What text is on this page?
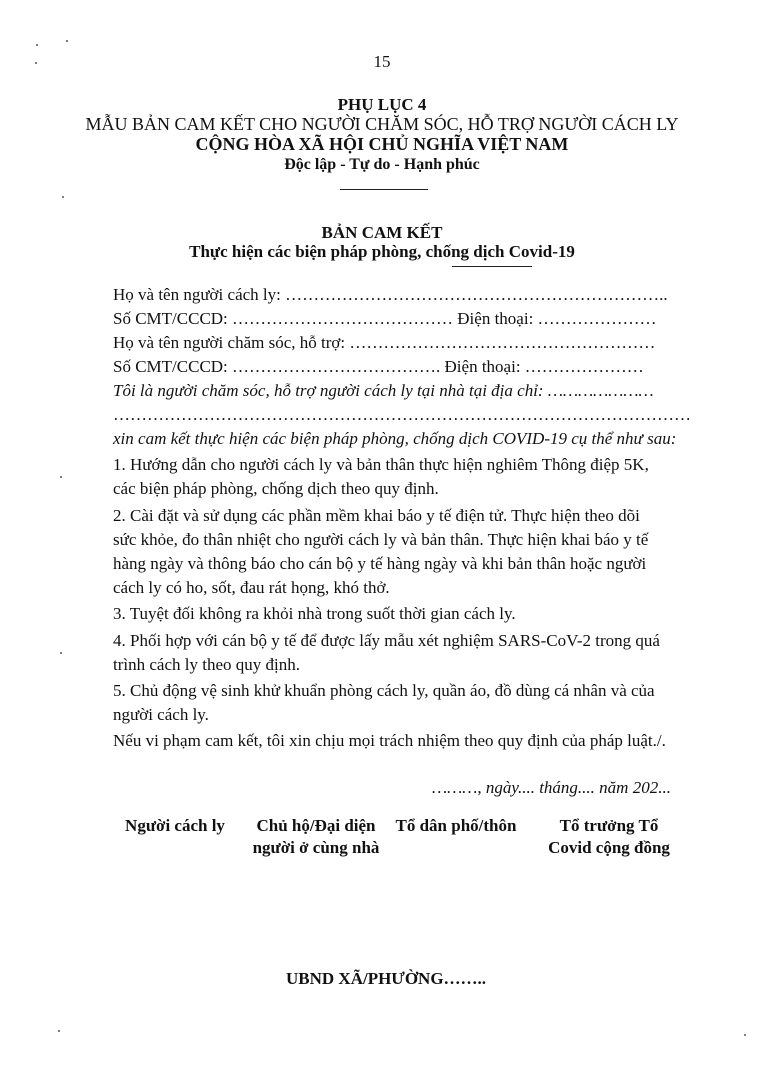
15
PHỤ LỤC 4
MẪU BẢN CAM KẾT CHO NGƯỜI CHĂM SÓC, HỖ TRỢ NGƯỜI CÁCH LY
CỘNG HÒA XÃ HỘI CHỦ NGHĨA VIỆT NAM
Độc lập - Tự do - Hạnh phúc
BẢN CAM KẾT
Thực hiện các biện pháp phòng, chống dịch Covid-19
Họ và tên người cách ly: …………………………………………………………..
Số CMT/CCCD: ………………………………… Điện thoại: …………………
Họ và tên người chăm sóc, hỗ trợ: ………………………………………………
Số CMT/CCCD: ………………………………. Điện thoại: …………………
Tôi là người chăm sóc, hỗ trợ người cách ly tại nhà tại địa chỉ: …………………
…………………………………………………………………………………………
xin cam kết thực hiện các biện pháp phòng, chống dịch COVID-19 cụ thể như sau:
1. Hướng dẫn cho người cách ly và bản thân thực hiện nghiêm Thông điệp 5K,
các biện pháp phòng, chống dịch theo quy định.
2. Cài đặt và sử dụng các phần mềm khai báo y tế điện tử. Thực hiện theo dõi
sức khỏe, đo thân nhiệt cho người cách ly và bản thân. Thực hiện khai báo y tế
hàng ngày và thông báo cho cán bộ y tế hàng ngày và khi bản thân hoặc người
cách ly có ho, sốt, đau rát họng, khó thở.
3. Tuyệt đối không ra khỏi nhà trong suốt thời gian cách ly.
4. Phối hợp với cán bộ y tế để được lấy mẫu xét nghiệm SARS-CoV-2 trong quá
trình cách ly theo quy định.
5. Chủ động vệ sinh khử khuẩn phòng cách ly, quần áo, đồ dùng cá nhân và của
người cách ly.
Nếu vi phạm cam kết, tôi xin chịu mọi trách nhiệm theo quy định của pháp luật./.
………, ngày.... tháng.... năm 202...
Người cách ly	Chủ hộ/Đại diện người ở cùng nhà
Tổ dân phố/thôn	Tổ trưởng Tổ Covid cộng đồng
UBND XÃ/PHƯỜNG……..
